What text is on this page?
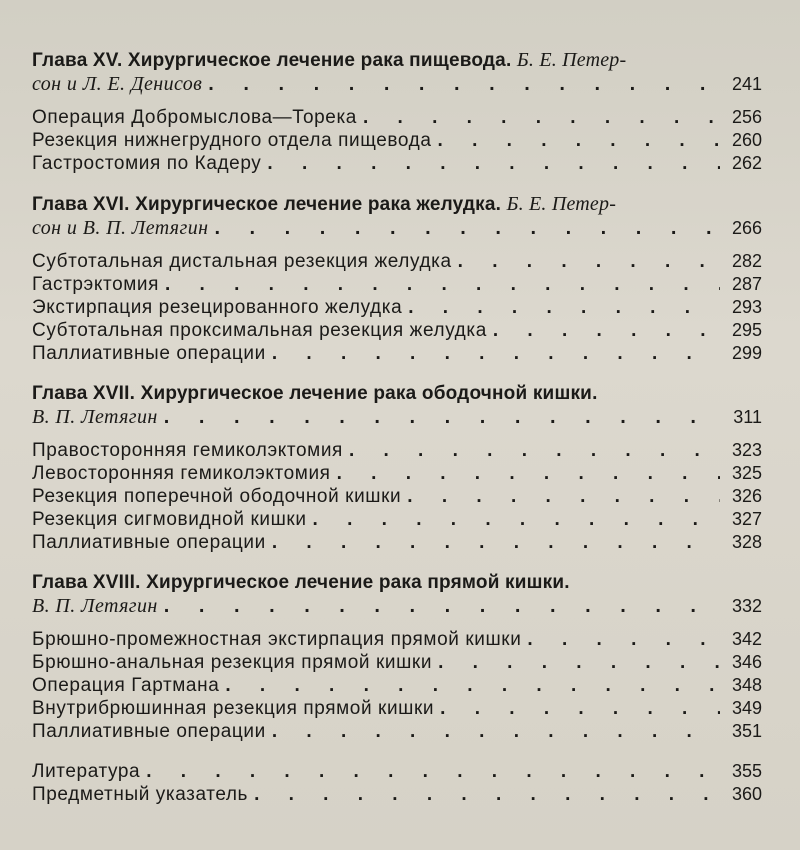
Глава XV. Хирургическое лечение рака пищевода. Б. Е. Петер-
сон и Л. Е. Денисов . . .	241
Операция Добромыслова—Торека . . .	256
Резекция нижнегрудного отдела пищевода . . .	260
Гастростомия по Кадеру . . .	262
Глава XVI. Хирургическое лечение рака желудка. Б. Е. Петер-
сон и В. П. Летягин . . .	266
Субтотальная дистальная резекция желудка . . .	282
Гастрэктомия . . .	287
Экстирпация резецированного желудка . . .	293
Субтотальная проксимальная резекция желудка . . .	295
Паллиативные операции . . .	299
Глава XVII. Хирургическое лечение рака ободочной кишки.
В. П. Летягин . . .	311
Правосторонняя гемиколэктомия . . .	323
Левосторонняя гемиколэктомия . . .	325
Резекция поперечной ободочной кишки . . .	326
Резекция сигмовидной кишки . . .	327
Паллиативные операции . . .	328
Глава XVIII. Хирургическое лечение рака прямой кишки.
В. П. Летягин . . .	332
Брюшно-промежностная экстирпация прямой кишки . . .	342
Брюшно-анальная резекция прямой кишки . . .	346
Операция Гартмана . . .	348
Внутрибрюшинная резекция прямой кишки . . .	349
Паллиативные операции . . .	351
Литература . . .	355
Предметный указатель . . .	360
